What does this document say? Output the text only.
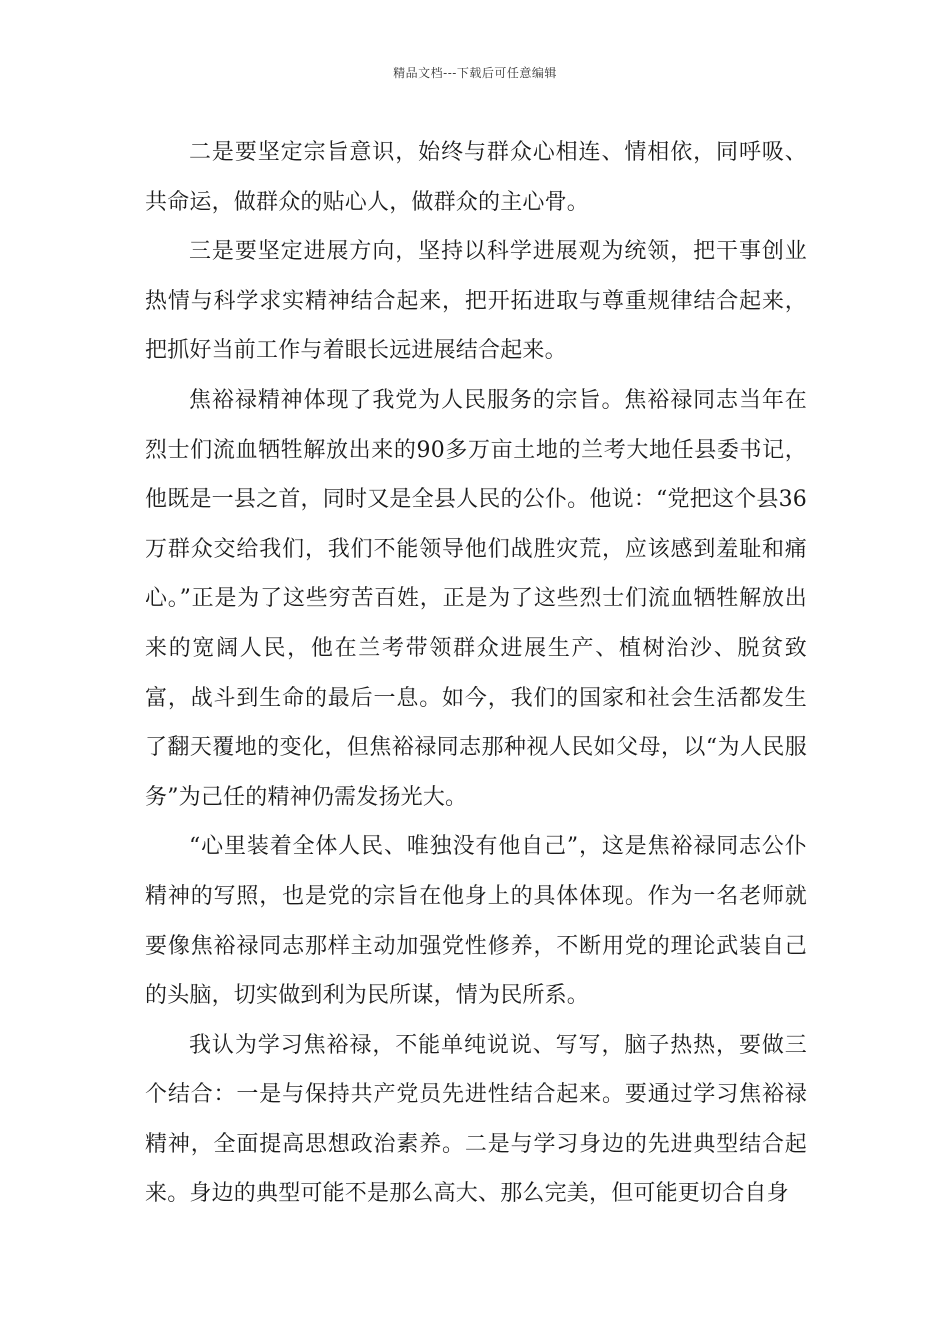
精品文档---下载后可任意编辑

二是要坚定宗旨意识，始终与群众心相连、情相依，同呼吸、共命运，做群众的贴心人，做群众的主心骨。

三是要坚定进展方向，坚持以科学进展观为统领，把干事创业热情与科学求实精神结合起来，把开拓进取与尊重规律结合起来，把抓好当前工作与着眼长远进展结合起来。

焦裕禄精神体现了我党为人民服务的宗旨。焦裕禄同志当年在烈士们流血牺牲解放出来的90多万亩土地的兰考大地任县委书记，他既是一县之首，同时又是全县人民的公仆。他说：“党把这个县36万群众交给我们，我们不能领导他们战胜灾荒，应该感到羞耻和痛心。”正是为了这些穷苦百姓，正是为了这些烈士们流血牺牲解放出来的宽阔人民，他在兰考带领群众进展生产、植树治沙、脱贫致富，战斗到生命的最后一息。如今，我们的国家和社会生活都发生了翻天覆地的变化，但焦裕禄同志那种视人民如父母，以“为人民服务”为己任的精神仍需发扬光大。

“心里装着全体人民、唯独没有他自己”，这是焦裕禄同志公仆精神的写照，也是党的宗旨在他身上的具体体现。作为一名老师就要像焦裕禄同志那样主动加强党性修养，不断用党的理论武装自己的头脑，切实做到利为民所谋，情为民所系。

我认为学习焦裕禄，不能单纯说说、写写，脑子热热，要做三个结合：一是与保持共产党员先进性结合起来。要通过学习焦裕禄精神，全面提高思想政治素养。二是与学习身边的先进典型结合起来。身边的典型可能不是那么高大、那么完美，但可能更切合自身
